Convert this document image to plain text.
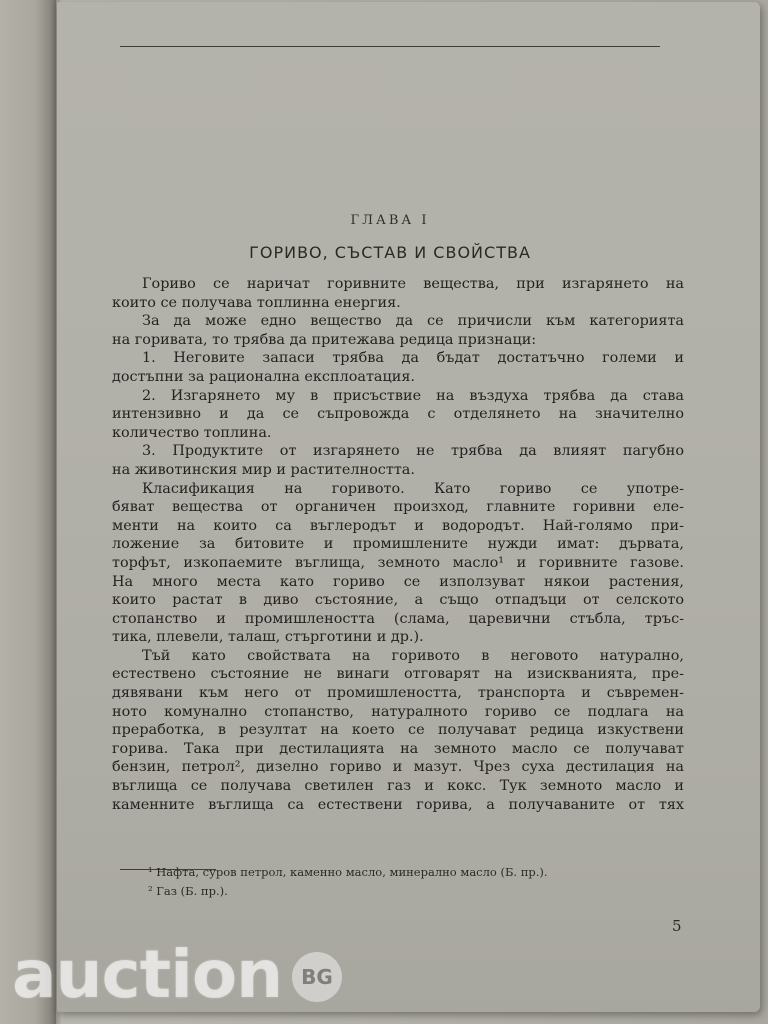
ГЛАВА I
ГОРИВО, СЪСТАВ И СВОЙСТВА
Гориво се наричат горивните вещества, при изгарянето на
които се получава топлинна енергия.
За да може едно вещество да се причисли към категорията
на горивата, то трябва да притежава редица признаци:
1. Неговите запаси трябва да бъдат достатъчно големи и
достъпни за рационална експлоатация.
2. Изгарянето му в присъствие на въздуха трябва да става
интензивно и да се съпровожда с отделянето на значително
количество топлина.
3. Продуктите от изгарянето не трябва да влияят пагубно
на животинския мир и растителността.
Класификация на горивото. Като гориво се употре-
бяват вещества от органичен произход, главните горивни еле-
менти на които са въглеродът и водородът. Най-голямо при-
ложение за битовите и промишлените нужди имат: дървата,
торфът, изкопаемите въглища, земното масло¹ и горивните газове.
На много места като гориво се използуват някои растения,
които растат в диво състояние, а също отпадъци от селското
стопанство и промишлеността (слама, царевични стъбла, тръс-
тика, плевели, талаш, стърготини и др.).
Тъй като свойствата на горивото в неговото натурално,
естествено състояние не винаги отговарят на изискванията, пре-
дявявани към него от промишлеността, транспорта и съвремен-
ното комунално стопанство, натуралното гориво се подлага на
преработка, в резултат на което се получават редица изкуствени
горива. Така при дестилацията на земното масло се получават
бензин, петрол², дизелно гориво и мазут. Чрез суха дестилация на
въглища се получава светилен газ и кокс. Тук земното масло и
каменните въглища са естествени горива, а получаваните от тях
¹ Нафта, суров петрол, каменно масло, минерално масло (Б. пр.).
² Газ (Б. пр.).
5
auction BG
